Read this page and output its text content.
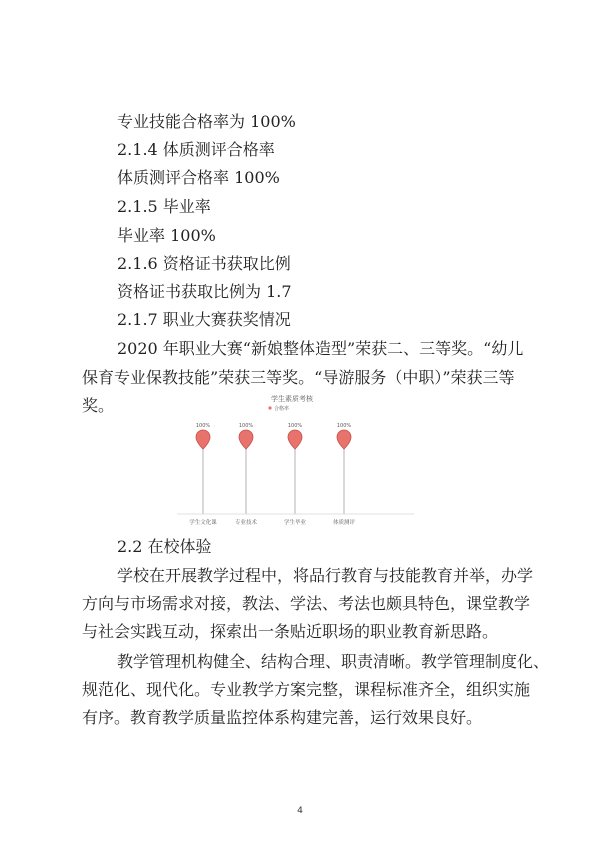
专业技能合格率为 100%
2.1.4 体质测评合格率
体质测评合格率 100%
2.1.5 毕业率
毕业率 100%
2.1.6 资格证书获取比例
资格证书获取比例为 1.7
2.1.7 职业大赛获奖情况
2020 年职业大赛“新娘整体造型”荣获二、三等奖。“幼儿
保育专业保教技能”荣获三等奖。“导游服务（中职）”荣获三等
奖。	学生素质考核
合格率
100%
学生文化课
100%
专业技术
100%
学生毕业
100%
体质测评
2.2 在校体验
学校在开展教学过程中，将品行教育与技能教育并举，办学
方向与市场需求对接，教法、学法、考法也颇具特色，课堂教学
与社会实践互动，探索出一条贴近职场的职业教育新思路。
教学管理机构健全、结构合理、职责清晰。教学管理制度化、
规范化、现代化。专业教学方案完整，课程标准齐全，组织实施
有序。教育教学质量监控体系构建完善，运行效果良好。
4
